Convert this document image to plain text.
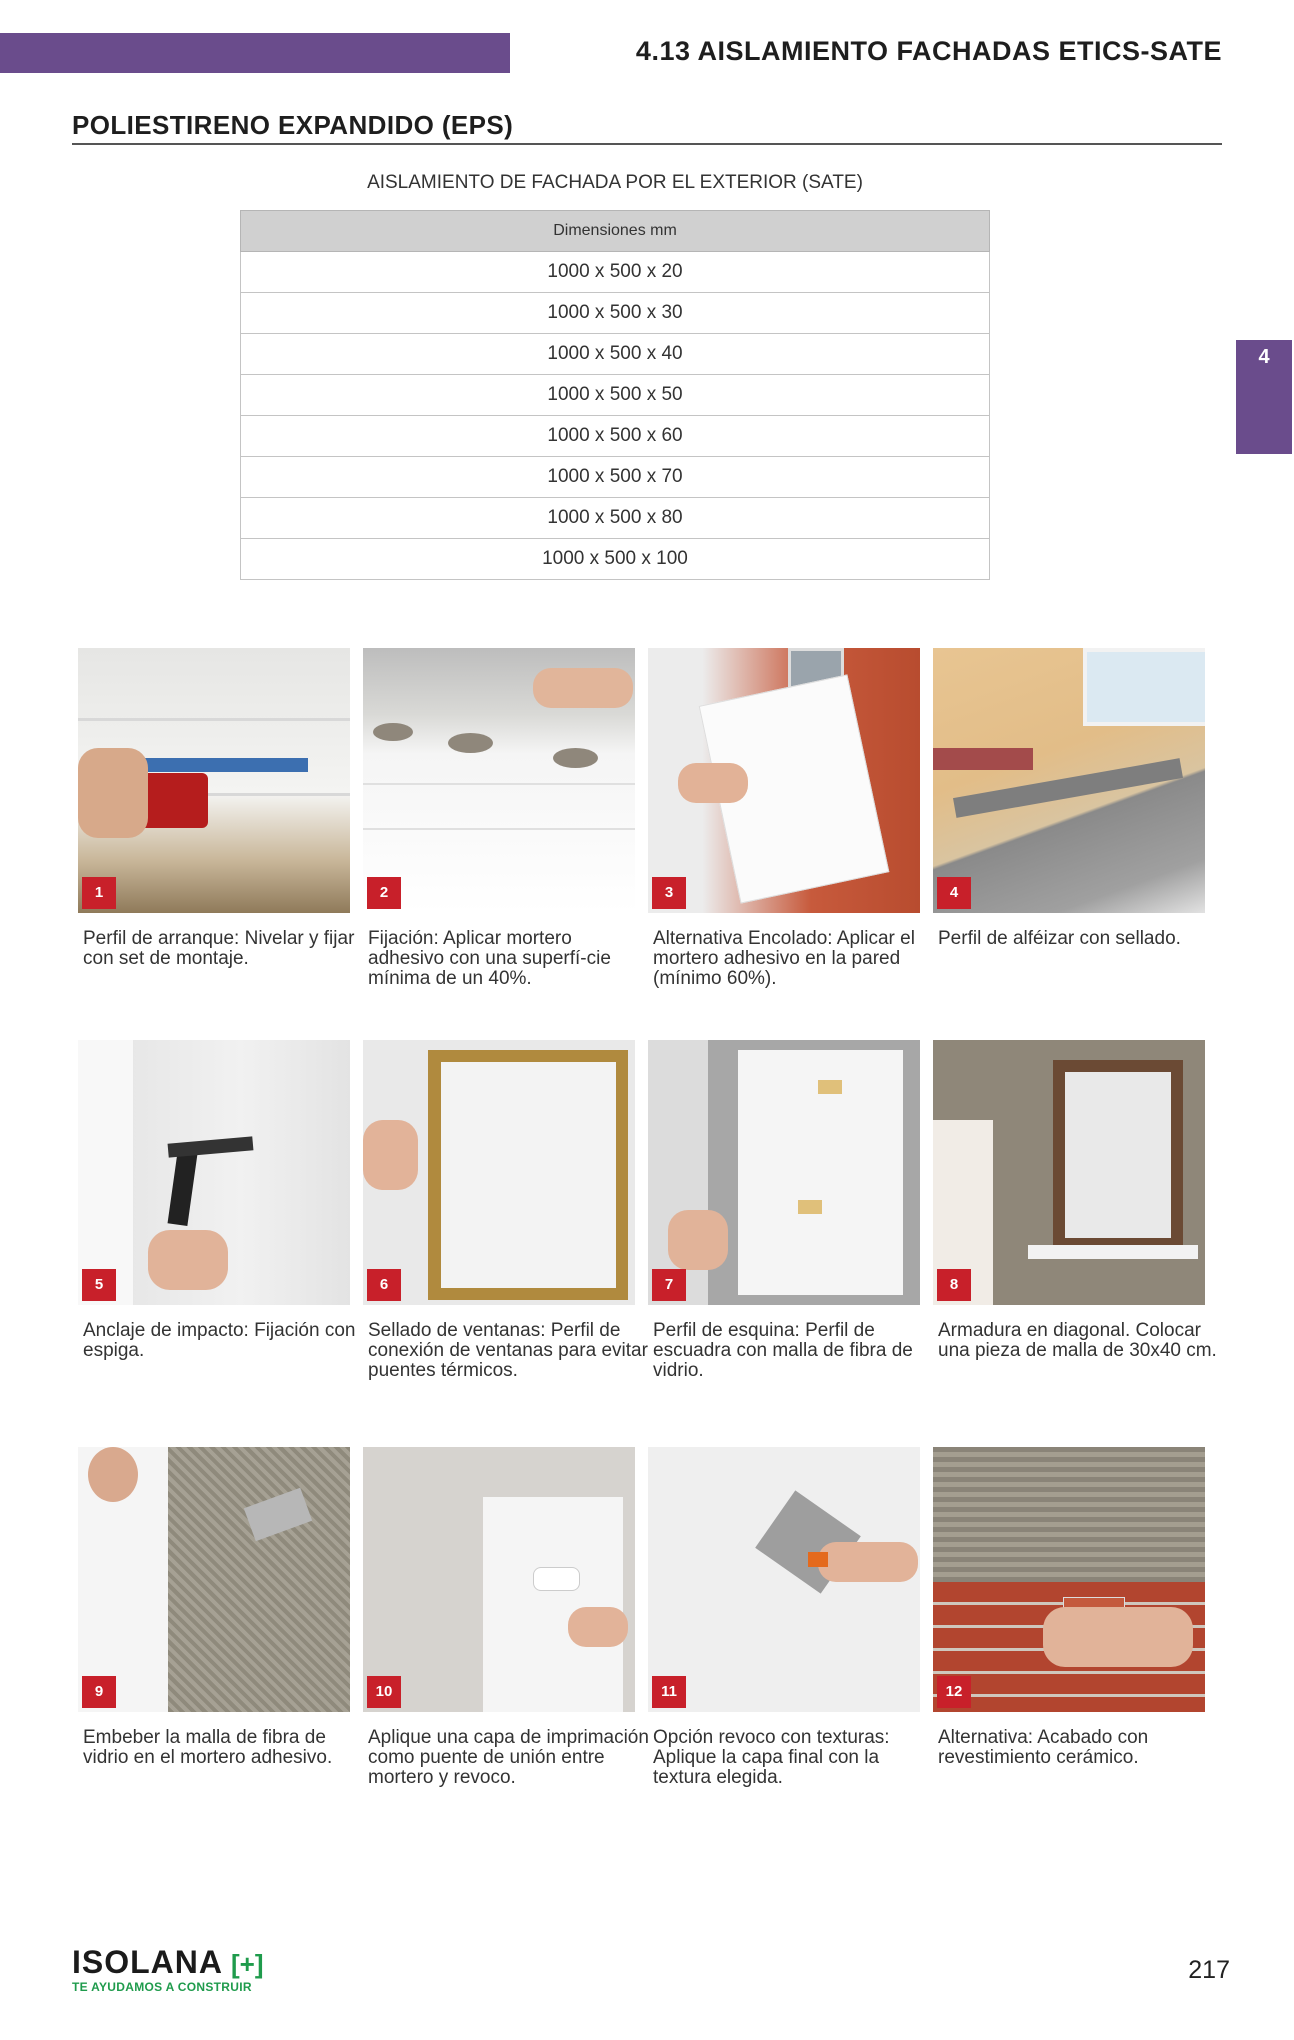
4.13 AISLAMIENTO FACHADAS ETICS-SATE
4
POLIESTIRENO EXPANDIDO (EPS)
AISLAMIENTO DE FACHADA POR EL EXTERIOR (SATE)
Dimensiones mm
1000 x 500 x 20
1000 x 500 x 30
1000 x 500 x 40
1000 x 500 x 50
1000 x 500 x 60
1000 x 500 x 70
1000 x 500 x 80
1000 x 500 x 100
1
Perfil de arranque: Nivelar y fijar con set de montaje.
2
Fijación: Aplicar mortero adhesivo con una superfí-cie mínima de un 40%.
3
Alternativa Encolado: Aplicar el mortero adhesivo en la pared (mínimo 60%).
4
Perfil de alféizar con sellado.
5
Anclaje de impacto: Fijación con espiga.
6
Sellado de ventanas: Perfil de conexión de ventanas para evitar puentes térmicos.
7
Perfil de esquina: Perfil de escuadra con malla de fibra de vidrio.
8
Armadura en diagonal. Colocar una pieza de malla de 30x40 cm.
9
Embeber la malla de fibra de vidrio en el mortero adhesivo.
10
Aplique una capa de imprimación como puente de unión entre mortero y revoco.
11
Opción revoco con texturas: Aplique la capa final con la textura elegida.
12
Alternativa: Acabado con revestimiento cerámico.
ISOLANA [+]
TE AYUDAMOS A CONSTRUIR
217
